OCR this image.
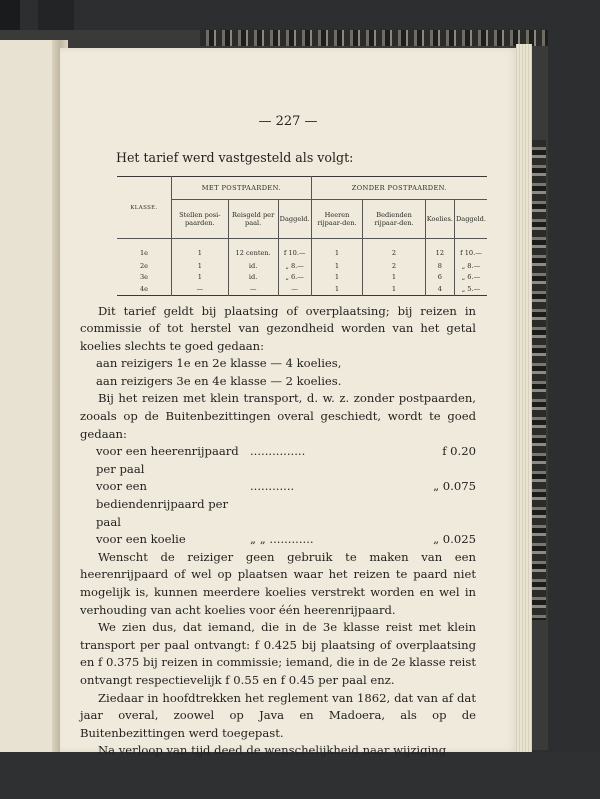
— 227 —
Het tarief werd vastgesteld als volgt:
KLASSE.	MET POSTPAARDEN.			ZONDER POSTPAARDEN.			
	Stellen posi-paarden.	Reisgeld per paal.	Daggeld.	Heeren rijpaar-den.	Bedienden rijpaar-den.	Koelies.	Daggeld.
1e	1	12 centen.	f 10.—	1	2	12	f 10.—
2e	1	id.	„ 8.—	1	2	8	„ 8.—
3e	1	id.	„ 6.—	1	1	6	„ 6.—
4e	—	—	—	1	1	4	„ 5.—

Dit tarief geldt bij plaatsing of overplaatsing; bij reizen in commissie of tot herstel van gezondheid worden van het getal koelies slechts te goed gedaan:

aan reizigers 1e en 2e klasse — 4 koelies,

aan reizigers 3e en 4e klasse — 2 koelies.

Bij het reizen met klein transport, d. w. z. zonder postpaarden, zooals op de Buitenbezittingen overal geschiedt, wordt te goed gedaan:

voor een heerenrijpaard per paal
...............	f 0.20
voor een bediendenrijpaard per paal
............	„ 0.075
voor een koelie	„ „ ............	„ 0.025

Wenscht de reiziger geen gebruik te maken van een heerenrijpaard of wel op plaatsen waar het reizen te paard niet mogelijk is, kunnen meerdere koelies verstrekt worden en wel in verhouding van acht koelies voor één heerenrijpaard.

We zien dus, dat iemand, die in de 3e klasse reist met klein transport per paal ontvangt: f 0.425 bij plaatsing of overplaatsing en f 0.375 bij reizen in commissie; iemand, die in de 2e klasse reist ontvangt respectievelijk f 0.55 en f 0.45 per paal enz.

Ziedaar in hoofdtrekken het reglement van 1862, dat van af dat jaar overal, zoowel op Java en Madoera, als op de Buitenbezittingen werd toegepast.

Na verloop van tijd deed de wenschelijkheid naar wijziging
